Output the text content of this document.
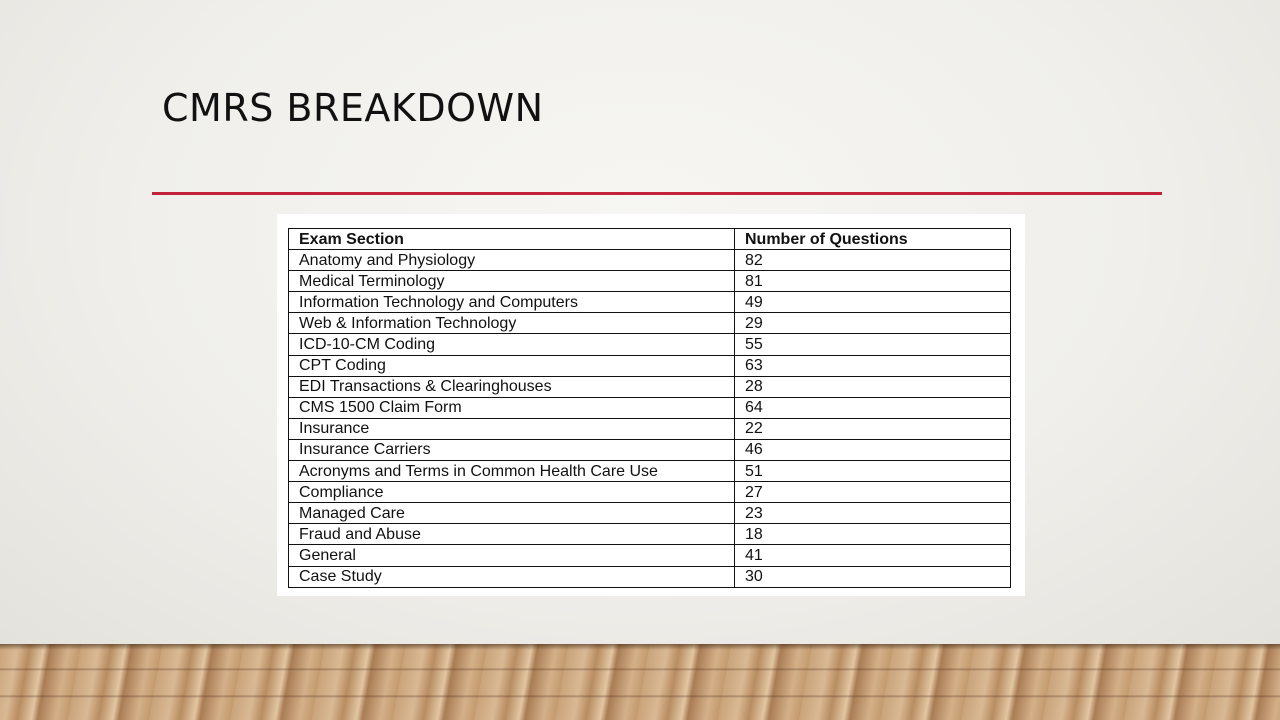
CMRS BREAKDOWN
Exam Section	Number of Questions
Anatomy and Physiology	82
Medical Terminology	81
Information Technology and Computers	49
Web & Information Technology	29
ICD-10-CM Coding	55
CPT Coding	63
EDI Transactions & Clearinghouses	28
CMS 1500 Claim Form	64
Insurance	22
Insurance Carriers	46
Acronyms and Terms in Common Health Care Use	51
Compliance	27
Managed Care	23
Fraud and Abuse	18
General	41
Case Study	30
